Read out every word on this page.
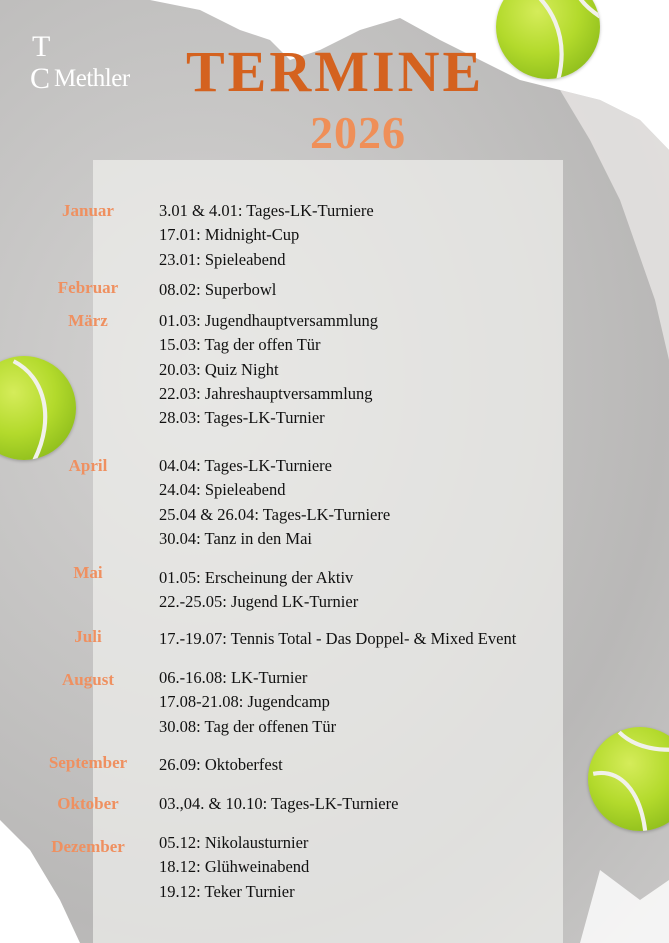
T
C Methler TERMINE
2026
Januar	3.01 & 4.01: Tages-LK-Turniere
17.01: Midnight-Cup
23.01: Spieleabend
Februar	08.02: Superbowl
März	01.03: Jugendhauptversammlung
15.03: Tag der offen Tür
20.03: Quiz Night
22.03: Jahreshauptversammlung
28.03: Tages-LK-Turnier
April	04.04: Tages-LK-Turniere
24.04: Spieleabend
25.04 & 26.04: Tages-LK-Turniere
30.04: Tanz in den Mai
Mai	01.05: Erscheinung der Aktiv
22.-25.05: Jugend LK-Turnier
Juli	17.-19.07: Tennis Total - Das Doppel- & Mixed Event
August	06.-16.08: LK-Turnier
17.08-21.08: Jugendcamp
30.08: Tag der offenen Tür
September	26.09: Oktoberfest
Oktober	03.,04. & 10.10: Tages-LK-Turniere
Dezember	05.12: Nikolausturnier
18.12: Glühweinabend
19.12: Teker Turnier
